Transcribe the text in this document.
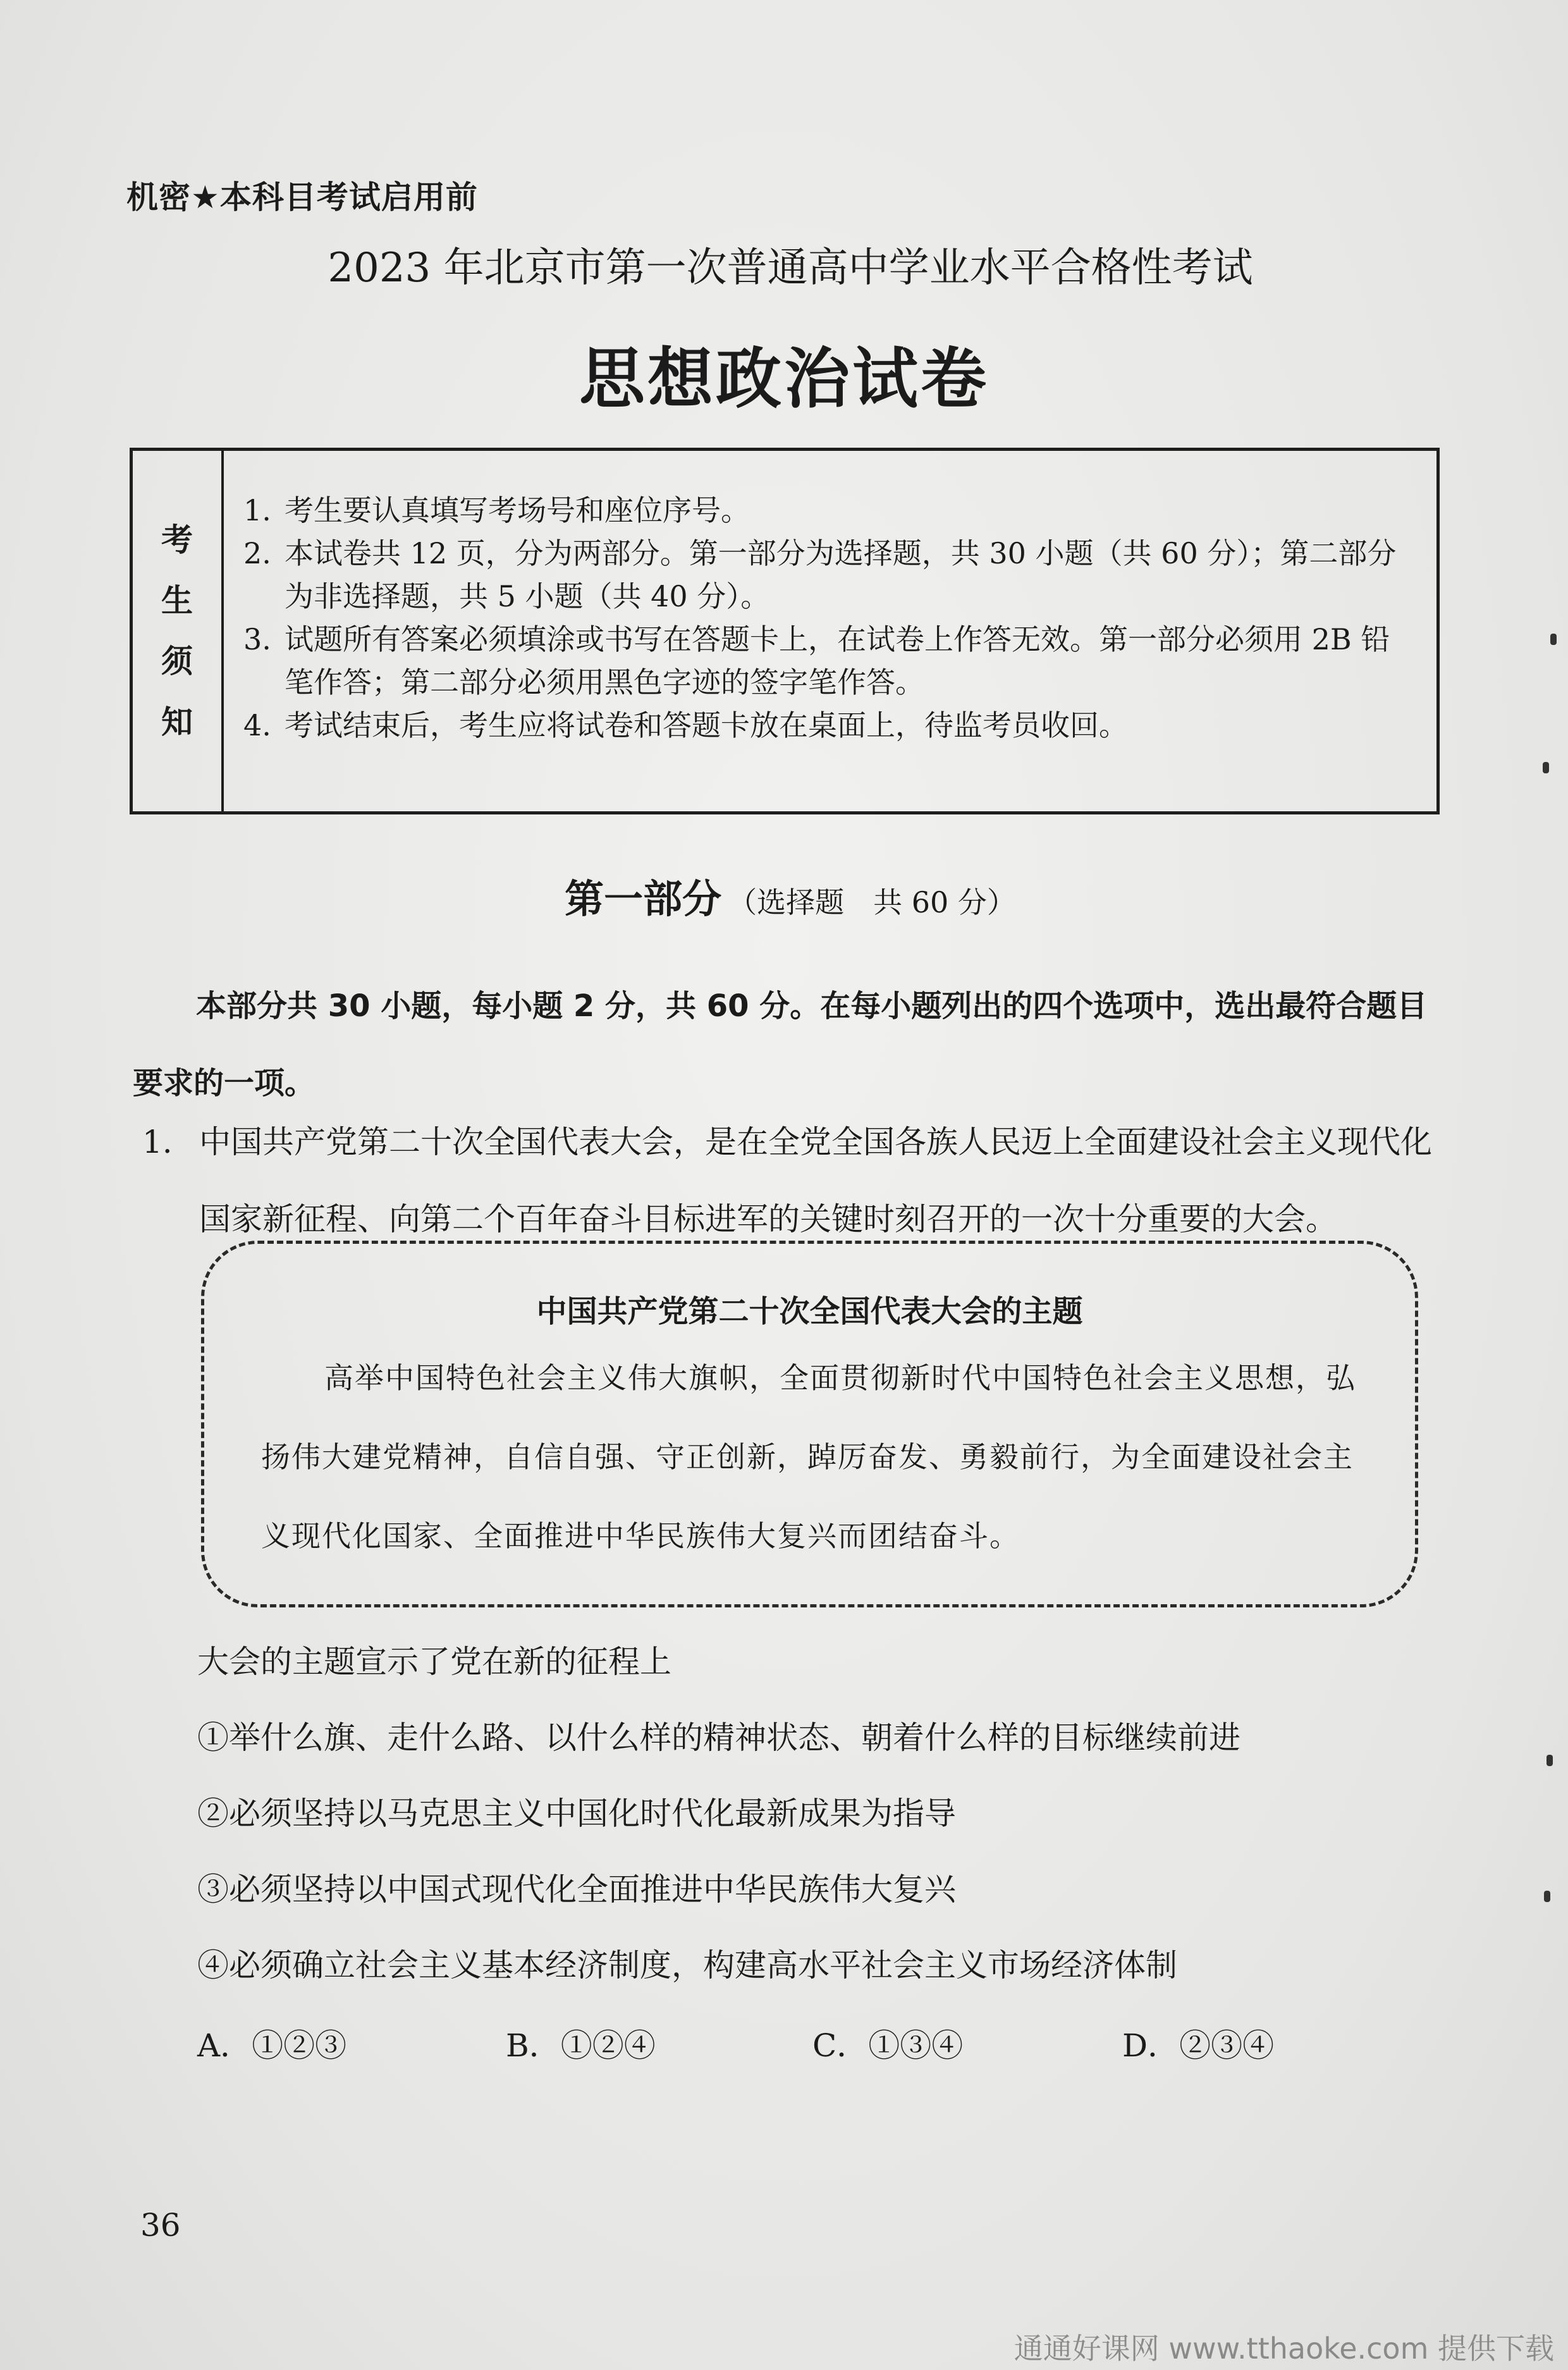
机密★本科目考试启用前
2023 年北京市第一次普通高中学业水平合格性考试
思想政治试卷
考
生
须
知
1. 考生要认真填写考场号和座位序号。
2. 本试卷共 12 页，分为两部分。第一部分为选择题，共 30 小题（共 60 分）；第二部分为非选择题，共 5 小题（共 40 分）。
3. 试题所有答案必须填涂或书写在答题卡上，在试卷上作答无效。第一部分必须用 2B 铅笔作答；第二部分必须用黑色字迹的签字笔作答。
4. 考试结束后，考生应将试卷和答题卡放在桌面上，待监考员收回。
第一部分 （选择题　共 60 分）
本部分共 30 小题，每小题 2 分，共 60 分。在每小题列出的四个选项中，选出最符合题目要求的一项。
1. 中国共产党第二十次全国代表大会，是在全党全国各族人民迈上全面建设社会主义现代化国家新征程、向第二个百年奋斗目标进军的关键时刻召开的一次十分重要的大会。
中国共产党第二十次全国代表大会的主题
高举中国特色社会主义伟大旗帜，全面贯彻新时代中国特色社会主义思想，弘扬伟大建党精神，自信自强、守正创新，踔厉奋发、勇毅前行，为全面建设社会主义现代化国家、全面推进中华民族伟大复兴而团结奋斗。
大会的主题宣示了党在新的征程上
①举什么旗、走什么路、以什么样的精神状态、朝着什么样的目标继续前进
②必须坚持以马克思主义中国化时代化最新成果为指导
③必须坚持以中国式现代化全面推进中华民族伟大复兴
④必须确立社会主义基本经济制度，构建高水平社会主义市场经济体制
A．①②③	B．①②④	C．①③④	D．②③④
36
通通好课网 www.tthaoke.com 提供下载
